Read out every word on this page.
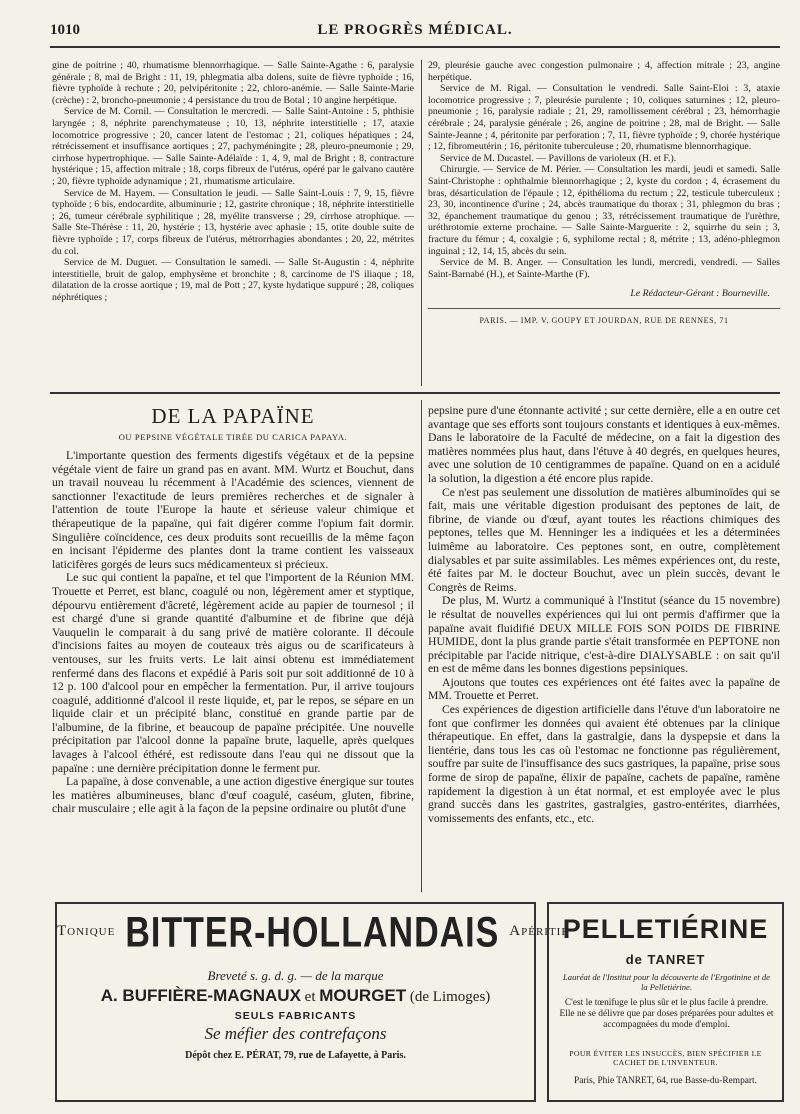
1010	LE PROGRÈS MÉDICAL.

gine de poitrine ; 40, rhumatisme blennorrhagique. — Salle Sainte-Agathe : 6, paralysie générale ; 8, mal de Bright : 11, 19, phlegmatia alba dolens, suite de fièvre typhoïde ; 16, fièvre typhoïde à rechute ; 20, pelvipéritonite ; 22, chloro-anémie. — Salle Sainte-Marie (crèche) : 2, broncho-pneumonie ; 4 persistance du trou de Botal ; 10 angine herpétique.

Service de M. Cornil. — Consultation le mercredi. — Salle Saint-Antoine : 5, phthisie laryngée ; 8, néphrite parenchymateuse ; 10, 13, néphrite interstitielle ; 17, ataxie locomotrice progressive ; 20, cancer latent de l'estomac ; 21, coliques hépatiques ; 24, rétrécissement et insuffisance aortiques ; 27, pachyméningite ; 28, pleuro-pneumonie ; 29, cirrhose hypertrophique. — Salle Sainte-Adélaïde : 1, 4, 9, mal de Bright ; 8, contracture hystérique ; 15, affection mitrale ; 18, corps fibreux de l'utérus, opéré par le galvano cautère ; 20, fièvre typhoïde adynamique ; 21, rhumatisme articulaire.

Service de M. Hayem. — Consultation le jeudi. — Salle Saint-Louis : 7, 9, 15, fièvre typhoïde ; 6 bis, endocardite, albuminurie ; 12, gastrite chronique ; 18, néphrite interstitielle ; 26, tumeur cérébrale syphilitique ; 28, myélite transverse ; 29, cirrhose atrophique. — Salle Ste-Thérèse : 11, 20, hystérie ; 13, hystérie avec aphasie ; 15, otite double suite de fièvre typhoïde ; 17, corps fibreux de l'utérus, métrorrhagies abondantes ; 20, 22, métrites du col.

Service de M. Duguet. — Consultation le samedi. — Salle St-Augustin : 4, néphrite interstitielle, bruit de galop, emphysème et bronchite ; 8, carcinome de l'S iliaque ; 18, dilatation de la crosse aortique ; 19, mal de Pott ; 27, kyste hydatique suppuré ; 28, coliques néphrétiques ;

29, pleurésie gauche avec congestion pulmonaire ; 4, affection mitrale ; 23, angine herpétique.

Service de M. Rigal. — Consultation le vendredi. Salle Saint-Eloi : 3, ataxie locomotrice progressive ; 7, pleurésie purulente ; 10, coliques saturnines ; 12, pleuro-pneumonie ; 16, paralysie radiale ; 21, 29, ramollissement cérébral ; 23, hémorrhagie cérébrale ; 24, paralysie générale ; 26, angine de poitrine ; 28, mal de Bright. — Salle Sainte-Jeanne ; 4, péritonite par perforation ; 7, 11, fièvre typhoïde ; 9, chorée hystérique ; 12, fibromeutérin ; 16, péritonite tuberculeuse ; 20, rhumatisme blennorrhagique.

Service de M. Ducastel. — Pavillons de varioleux (H. et F.).

Chirurgie. — Service de M. Périer. — Consultation les mardi, jeudi et samedi. Salle Saint-Christophe : ophthalmie blennorrhagique ; 2, kyste du cordon ; 4, écrasement du bras, désarticulation de l'épaule ; 12, épithélioma du rectum ; 22, testicule tuberculeux ; 23, 30, incontinence d'urine ; 24, abcès traumatique du thorax ; 31, phlegmon du bras ; 32, épanchement traumatique du genou ; 33, rétrécissement traumatique de l'urèthre, uréthrotomie externe prochaine. — Salle Sainte-Marguerite : 2, squirrhe du sein ; 3, fracture du fémur ; 4, coxalgie ; 6, syphilome rectal ; 8, métrite ; 13, adéno-phlegmon inguinal ; 12, 14, 15, abcès du sein.

Service de M. B. Anger. — Consultation les lundi, mercredi, vendredi. — Salles Saint-Barnabé (H.), et Sainte-Marthe (F).

Le Rédacteur-Gérant : Bourneville.
PARIS. — IMP. V. GOUPY ET JOURDAN, RUE DE RENNES, 71
DE LA PAPAÏNE
OU PEPSINE VÉGÉTALE TIRÉE DU CARICA PAPAYA.

L'importante question des ferments digestifs végétaux et de la pepsine végétale vient de faire un grand pas en avant. MM. Wurtz et Bouchut, dans un travail nouveau lu récemment à l'Académie des sciences, viennent de sanctionner l'exactitude de leurs premières recherches et de signaler à l'attention de toute l'Europe la haute et sérieuse valeur chimique et thérapeutique de la papaïne, qui fait digérer comme l'opium fait dormir. Singulière coïncidence, ces deux produits sont recueillis de la même façon en incisant l'épiderme des plantes dont la trame contient les vaisseaux laticifères gorgés de leurs sucs médicamenteux si précieux.

Le suc qui contient la papaïne, et tel que l'importent de la Réunion MM. Trouette et Perret, est blanc, coagulé ou non, légèrement amer et styptique, dépourvu entièrement d'âcreté, légèrement acide au papier de tournesol ; il est chargé d'une si grande quantité d'albumine et de fibrine que déjà Vauquelin le comparait à du sang privé de matière colorante. Il découle d'incisions faites au moyen de couteaux très aigus ou de scarificateurs à ventouses, sur les fruits verts. Le lait ainsi obtenu est immédiatement renfermé dans des flacons et expédié à Paris soit pur soit additionné de 10 à 12 p. 100 d'alcool pour en empêcher la fermentation. Pur, il arrive toujours coagulé, additionné d'alcool il reste liquide, et, par le repos, se sépare en un liquide clair et un précipité blanc, constitué en grande partie par de l'albumine, de la fibrine, et beaucoup de papaïne précipitée. Une nouvelle précipitation par l'alcool donne la papaïne brute, laquelle, après quelques lavages à l'alcool éthéré, est redissoute dans l'eau qui ne dissout que la papaïne : une dernière précipitation donne le ferment pur.

La papaïne, à dose convenable, a une action digestive énergique sur toutes les matières albumineuses, blanc d'œuf coagulé, caséum, gluten, fibrine, chair musculaire ; elle agit à la façon de la pepsine ordinaire ou plutôt d'une

pepsine pure d'une étonnante activité ; sur cette dernière, elle a en outre cet avantage que ses efforts sont toujours constants et identiques à eux-mêmes. Dans le laboratoire de la Faculté de médecine, on a fait la digestion des matières nommées plus haut, dans l'étuve à 40 degrés, en quelques heures, avec une solution de 10 centigrammes de papaïne. Quand on en a acidulé la solution, la digestion a été encore plus rapide.

Ce n'est pas seulement une dissolution de matières albuminoïdes qui se fait, mais une véritable digestion produisant des peptones de lait, de fibrine, de viande ou d'œuf, ayant toutes les réactions chimiques des peptones, telles que M. Henninger les a indiquées et les a déterminées luimême au laboratoire. Ces peptones sont, en outre, complètement dialysables et par suite assimilables. Les mêmes expériences ont, du reste, été faites par M. le docteur Bouchut, avec un plein succès, devant le Congrès de Reims.

De plus, M. Wurtz a communiqué à l'Institut (séance du 15 novembre) le résultat de nouvelles expériences qui lui ont permis d'affirmer que la papaïne avait fluidifié DEUX MILLE FOIS SON POIDS DE FIBRINE HUMIDE, dont la plus grande partie s'était transformée en PEPTONE non précipitable par l'acide nitrique, c'est-à-dire DIALYSABLE : on sait qu'il en est de même dans les bonnes digestions pepsiniques.

Ajoutons que toutes ces expériences ont été faites avec la papaïne de MM. Trouette et Perret.

Ces expériences de digestion artificielle dans l'étuve d'un laboratoire ne font que confirmer les données qui avaient été obtenues par la clinique thérapeutique. En effet, dans la gastralgie, dans la dyspepsie et dans la lientérie, dans tous les cas où l'estomac ne fonctionne pas régulièrement, souffre par suite de l'insuffisance des sucs gastriques, la papaïne, prise sous forme de sirop de papaïne, élixir de papaïne, cachets de papaïne, ramène rapidement la digestion à un état normal, et est employée avec le plus grand succès dans les gastrites, gastralgies, gastro-entérites, diarrhées, vomissements des enfants, etc., etc.

Tonique BITTER-HOLLANDAIS Apéritif
Breveté s. g. d. g. — de la marque
A. BUFFIÈRE-MAGNAUX et MOURGET (de Limoges)
SEULS FABRICANTS
Se méfier des contrefaçons
Dépôt chez E. PÉRAT, 79, rue de Lafayette, à Paris.
PELLETIÉRINE
de TANRET
Lauréat de l'Institut pour la découverte de l'Ergotinine et de la Pelletiérine.
C'est le tœnifuge le plus sûr et le plus facile à prendre. Elle ne se délivre que par doses préparées pour adultes et accompagnées du mode d'emploi.
POUR ÉVITER LES INSUCCÈS, BIEN SPÉCIFIER LE CACHET DE L'INVENTEUR.
Paris, Phie TANRET, 64, rue Basse-du-Rempart.
